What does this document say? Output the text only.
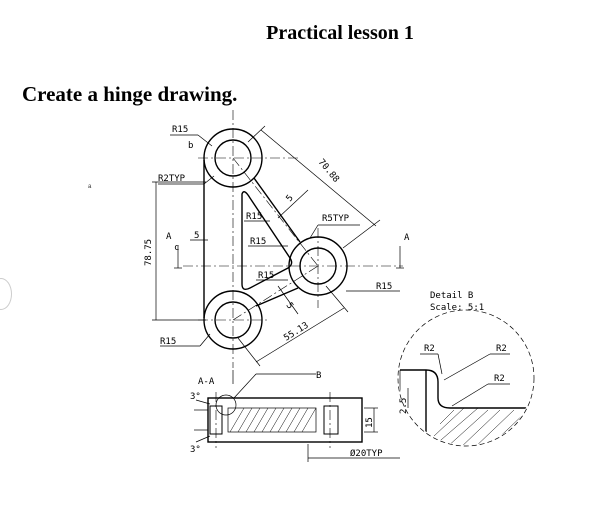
Practical lesson 1
Create a hinge drawing.
a
R15
b
R2TYP	70.88
5
R15	R5TYP
A
c
5
R15	A
78.75
R15
R15
5
55.13
R15
A-A
B
3°
3°
15
Ø20TYP
Detail B
Scale: 5:1
R2	R2
R2
2.5
